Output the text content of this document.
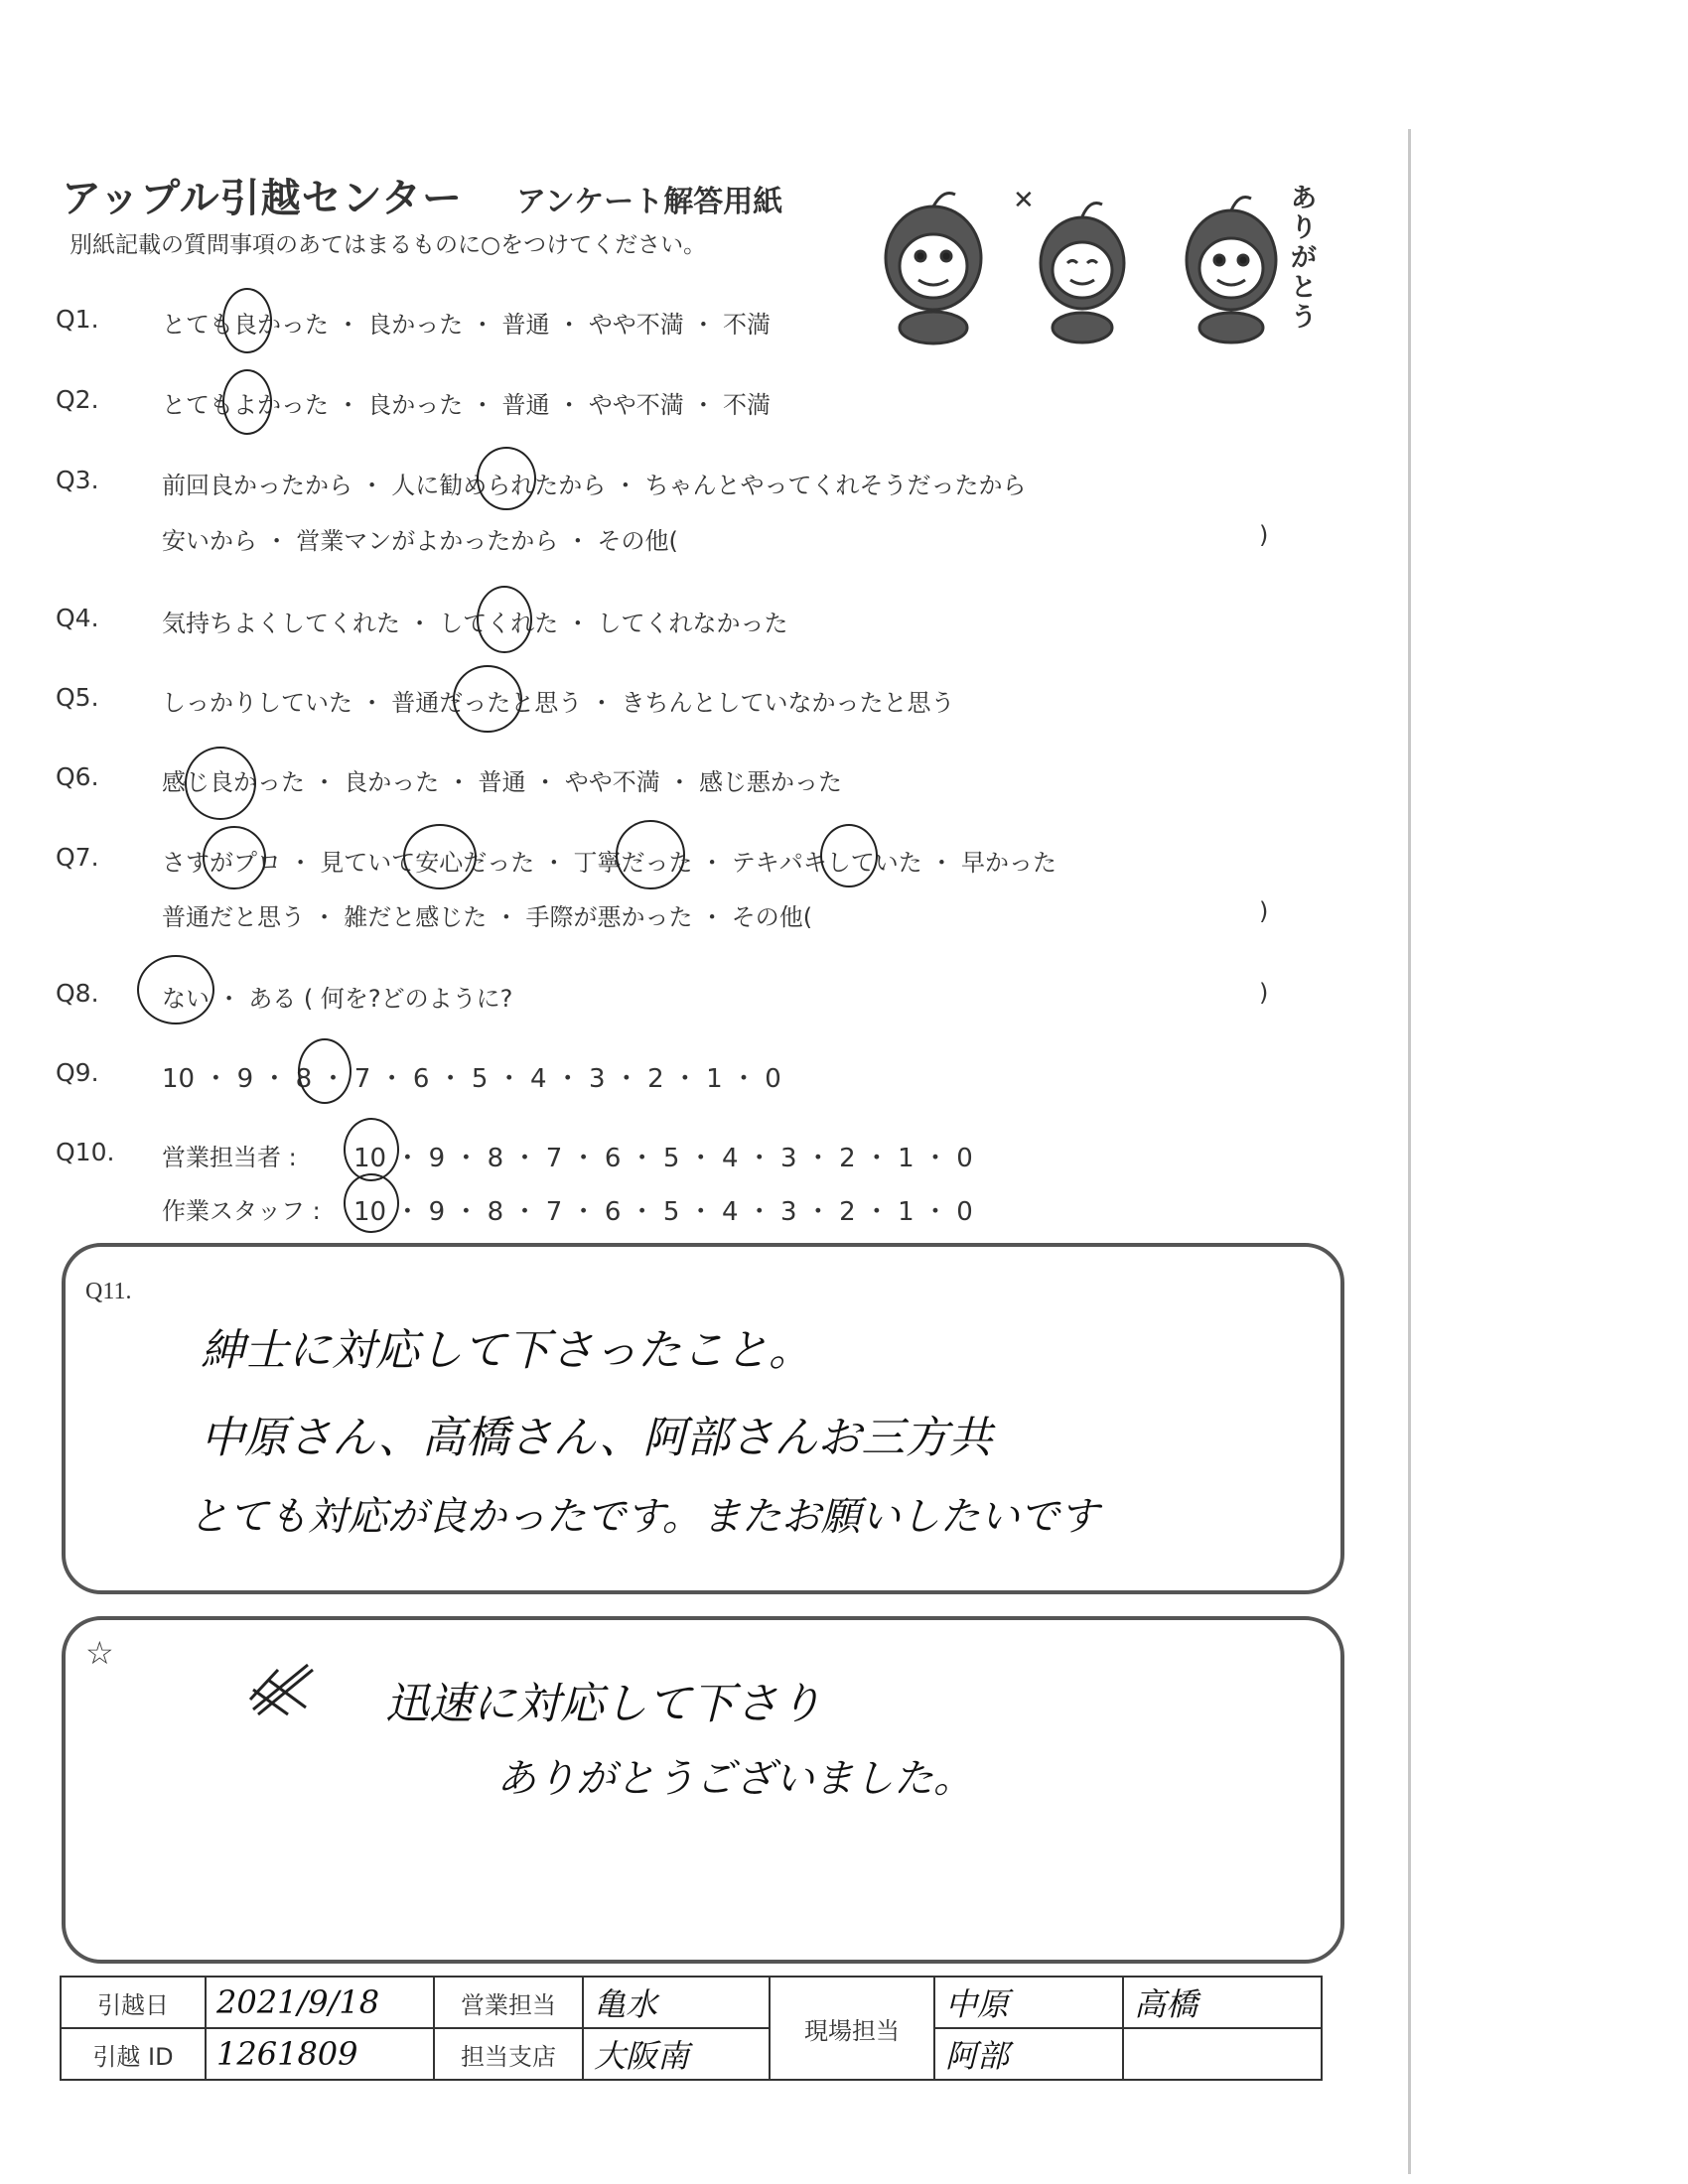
アップル引越センター アンケート解答用紙
別紙記載の質問事項のあてはまるものに○をつけてください。
✕	ありがとう
Q1.	とても良かった ・ 良かった ・ 普通 ・ やや不満 ・ 不満
Q2.	とてもよかった ・ 良かった ・ 普通 ・ やや不満 ・ 不満
Q3.	前回良かったから ・ 人に勧められたから ・ ちゃんとやってくれそうだったから
安いから ・ 営業マンがよかったから ・ その他(	)
Q4.	気持ちよくしてくれた ・ してくれた ・ してくれなかった
Q5.	しっかりしていた ・ 普通だったと思う ・ きちんとしていなかったと思う
Q6.	感じ良かった ・ 良かった ・ 普通 ・ やや不満 ・ 感じ悪かった
Q7.	さすがプロ ・ 見ていて安心だった ・ 丁寧だった ・ テキパキしていた ・ 早かった
普通だと思う ・ 雑だと感じた ・ 手際が悪かった ・ その他(	)
Q8.	ない ・ ある ( 何を?どのように?	)
Q9. 10 ・ 9 ・ 8 ・ 7 ・ 6 ・ 5 ・ 4 ・ 3 ・ 2 ・ 1 ・ 0
Q10. 営業担当者 : 10 ・ 9 ・ 8 ・ 7 ・ 6 ・ 5 ・ 4 ・ 3 ・ 2 ・ 1 ・ 0
作業スタッフ : 10 ・ 9 ・ 8 ・ 7 ・ 6 ・ 5 ・ 4 ・ 3 ・ 2 ・ 1 ・ 0
Q11.
紳士に対応して下さったこと。
中原さん、高橋さん、阿部さんお三方共
とても対応が良かったです。またお願いしたいです
☆
迅速に対応して下さり
ありがとうございました。
引越日	2021/9/18	営業担当	亀水	現場担当	中原	高橋
引越 ID	1261809	担当支店	大阪南		阿部	
